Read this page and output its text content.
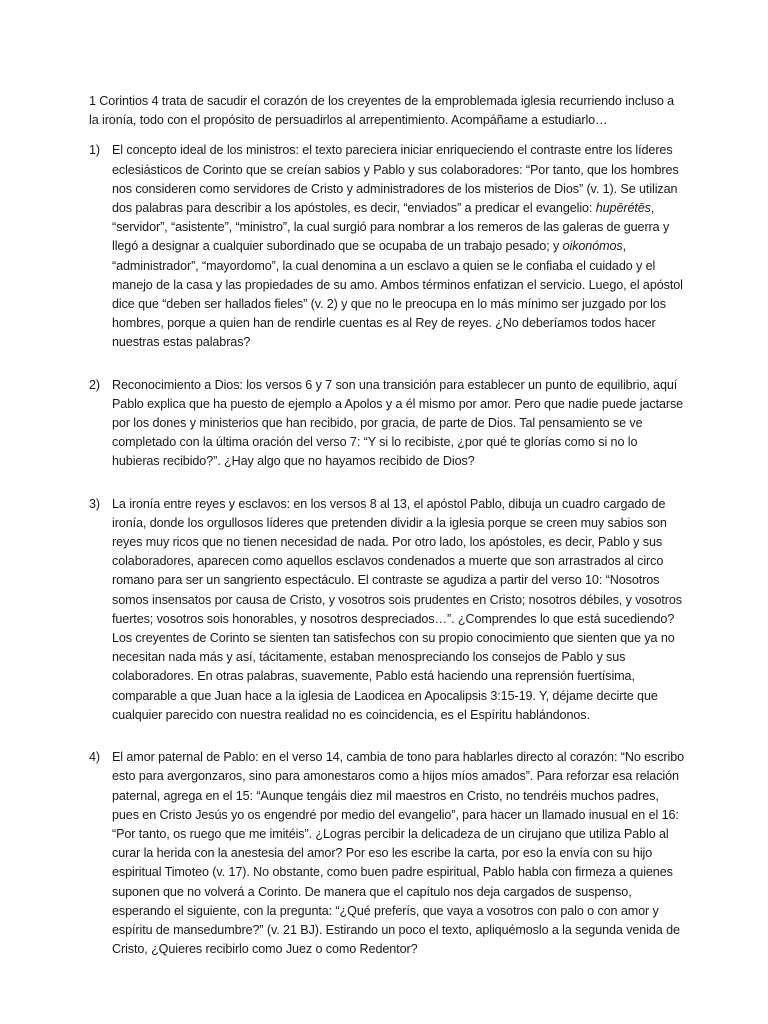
1 Corintios 4 trata de sacudir el corazón de los creyentes de la emproblemada iglesia recurriendo incluso a la ironía, todo con el propósito de persuadirlos al arrepentimiento. Acompáñame a estudiarlo…

1) El concepto ideal de los ministros: el texto pareciera iniciar enriqueciendo el contraste entre los líderes eclesiásticos de Corinto que se creían sabios y Pablo y sus colaboradores: “Por tanto, que los hombres nos consideren como servidores de Cristo y administradores de los misterios de Dios” (v. 1). Se utilizan dos palabras para describir a los apóstoles, es decir, “enviados” a predicar el evangelio: hupērétēs, “servidor”, “asistente”, “ministro”, la cual surgió para nombrar a los remeros de las galeras de guerra y llegó a designar a cualquier subordinado que se ocupaba de un trabajo pesado; y oikonómos, “administrador”, “mayordomo”, la cual denomina a un esclavo a quien se le confiaba el cuidado y el manejo de la casa y las propiedades de su amo. Ambos términos enfatizan el servicio. Luego, el apóstol dice que “deben ser hallados fieles” (v. 2) y que no le preocupa en lo más mínimo ser juzgado por los hombres, porque a quien han de rendirle cuentas es al Rey de reyes. ¿No deberíamos todos hacer nuestras estas palabras?
2) Reconocimiento a Dios: los versos 6 y 7 son una transición para establecer un punto de equilibrio, aquí Pablo explica que ha puesto de ejemplo a Apolos y a él mismo por amor. Pero que nadie puede jactarse por los dones y ministerios que han recibido, por gracia, de parte de Dios. Tal pensamiento se ve completado con la última oración del verso 7: “Y si lo recibiste, ¿por qué te glorías como si no lo hubieras recibido?”. ¿Hay algo que no hayamos recibido de Dios?
3) La ironía entre reyes y esclavos: en los versos 8 al 13, el apóstol Pablo, dibuja un cuadro cargado de ironía, donde los orgullosos líderes que pretenden dividir a la iglesia porque se creen muy sabios son reyes muy ricos que no tienen necesidad de nada. Por otro lado, los apóstoles, es decir, Pablo y sus colaboradores, aparecen como aquellos esclavos condenados a muerte que son arrastrados al circo romano para ser un sangriento espectáculo. El contraste se agudiza a partir del verso 10: “Nosotros somos insensatos por causa de Cristo, y vosotros sois prudentes en Cristo; nosotros débiles, y vosotros fuertes; vosotros sois honorables, y nosotros despreciados…”. ¿Comprendes lo que está sucediendo? Los creyentes de Corinto se sienten tan satisfechos con su propio conocimiento que sienten que ya no necesitan nada más y así, tácitamente, estaban menospreciando los consejos de Pablo y sus colaboradores. En otras palabras, suavemente, Pablo está haciendo una reprensión fuertísima, comparable a que Juan hace a la iglesia de Laodicea en Apocalipsis 3:15-19. Y, déjame decirte que cualquier parecido con nuestra realidad no es coincidencia, es el Espíritu hablándonos.
4) El amor paternal de Pablo: en el verso 14, cambia de tono para hablarles directo al corazón: “No escribo esto para avergonzaros, sino para amonestaros como a hijos míos amados”. Para reforzar esa relación paternal, agrega en el 15: “Aunque tengáis diez mil maestros en Cristo, no tendréis muchos padres, pues en Cristo Jesús yo os engendré por medio del evangelio”, para hacer un llamado inusual en el 16: “Por tanto, os ruego que me imitéis”. ¿Logras percibir la delicadeza de un cirujano que utiliza Pablo al curar la herida con la anestesia del amor? Por eso les escribe la carta, por eso la envía con su hijo espiritual Timoteo (v. 17). No obstante, como buen padre espiritual, Pablo habla con firmeza a quienes suponen que no volverá a Corinto. De manera que el capítulo nos deja cargados de suspenso, esperando el siguiente, con la pregunta: “¿Qué preferís, que vaya a vosotros con palo o con amor y espíritu de mansedumbre?” (v. 21 BJ). Estirando un poco el texto, apliquémoslo a la segunda venida de Cristo, ¿Quieres recibirlo como Juez o como Redentor?
